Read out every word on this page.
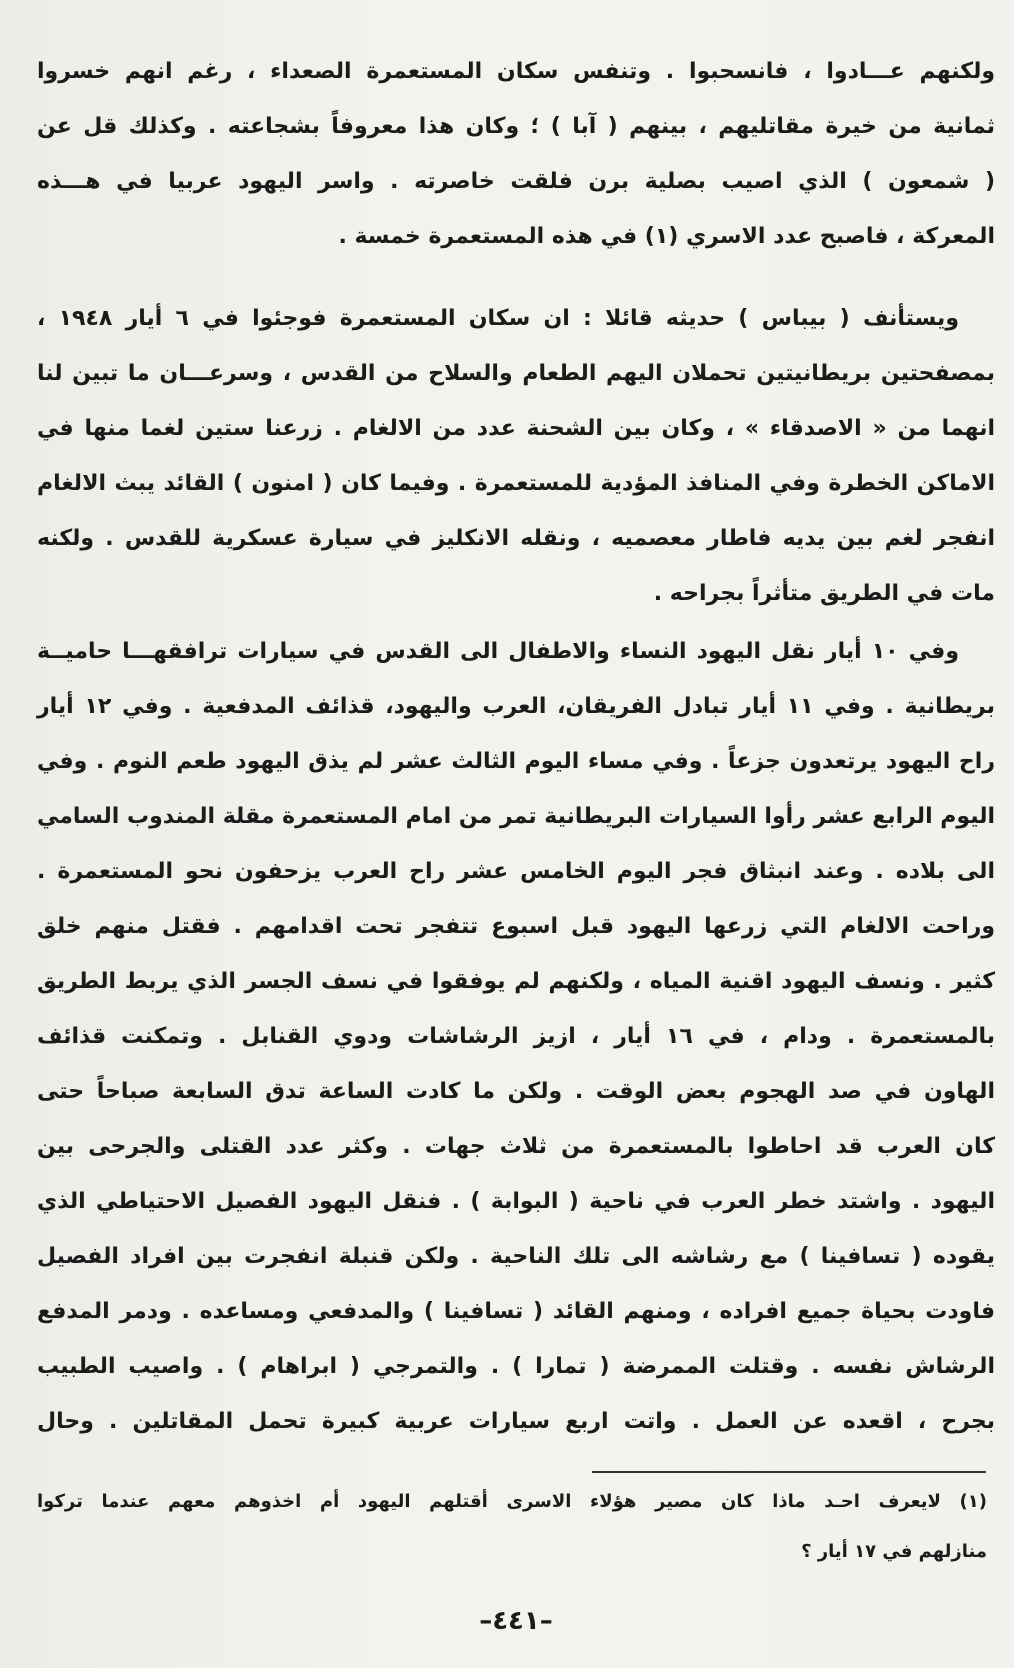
ولكنهم عـــادوا ، فانسحبوا . وتنفس سكان المستعمرة الصعداء ، رغم انهم خسروا
ثمانية من خيرة مقاتليهم ، بينهم ( آبا ) ؛ وكان هذا معروفاً بشجاعته . وكذلك قل عن
( شمعون ) الذي اصيب بصلية برن فلقت خاصرته . واسر اليهود عربيا في هـــذه
المعركة ، فاصبح عدد الاسري (١) في هذه المستعمرة خمسة .
ويستأنف ( بيباس ) حديثه قائلا : ان سكان المستعمرة فوجئوا في ٦ أيار ١٩٤٨ ،
بمصفحتين بريطانيتين تحملان اليهم الطعام والسلاح من القدس ، وسرعـــان ما تبين لنا
انهما من « الاصدقاء » ، وكان بين الشحنة عدد من الالغام . زرعنا ستين لغما منها في
الاماكن الخطرة وفي المنافذ المؤدية للمستعمرة . وفيما كان ( امنون ) القائد يبث الالغام
انفجر لغم بين يديه فاطار معصميه ، ونقله الانكليز في سيارة عسكرية للقدس . ولكنه
مات في الطريق متأثراً بجراحه .
وفي ١٠ أيار نقل اليهود النساء والاطفال الى القدس في سيارات ترافقهـــا حاميــة
بريطانية . وفي ١١ أيار تبادل الفريقان، العرب واليهود، قذائف المدفعية . وفي ١٢ أيار
راح اليهود يرتعدون جزعاً . وفي مساء اليوم الثالث عشر لم يذق اليهود طعم النوم . وفي
اليوم الرابع عشر رأوا السيارات البريطانية تمر من امام المستعمرة مقلة المندوب السامي
الى بلاده . وعند انبثاق فجر اليوم الخامس عشر راح العرب يزحفون نحو المستعمرة .
وراحت الالغام التي زرعها اليهود قبل اسبوع تتفجر تحت اقدامهم . فقتل منهم خلق
كثير . ونسف اليهود اقنية المياه ، ولكنهم لم يوفقوا في نسف الجسر الذي يربط الطريق
بالمستعمرة . ودام ، في ١٦ أيار ، ازيز الرشاشات ودوي القنابل . وتمكنت قذائف
الهاون في صد الهجوم بعض الوقت . ولكن ما كادت الساعة تدق السابعة صباحاً حتى
كان العرب قد احاطوا بالمستعمرة من ثلاث جهات . وكثر عدد القتلى والجرحى بين
اليهود . واشتد خطر العرب في ناحية ( البوابة ) . فنقل اليهود الفصيل الاحتياطي الذي
يقوده ( تسافينا ) مع رشاشه الى تلك الناحية . ولكن قنبلة انفجرت بين افراد الفصيل
فاودت بحياة جميع افراده ، ومنهم القائد ( تسافينا ) والمدفعي ومساعده . ودمر المدفع
الرشاش نفسه . وقتلت الممرضة ( تمارا ) . والتمرجي ( ابراهام ) . واصيب الطبيب
بجرح ، اقعده عن العمل . واتت اربع سيارات عربية كبيرة تحمل المقاتلين . وحال
(١) لايعرف احـد ماذا كان مصير هؤلاء الاسرى أقتلهم اليهود أم اخذوهم معهم عندما تركوا
منازلهم في ١٧ أيار ؟
–٤٤١–
